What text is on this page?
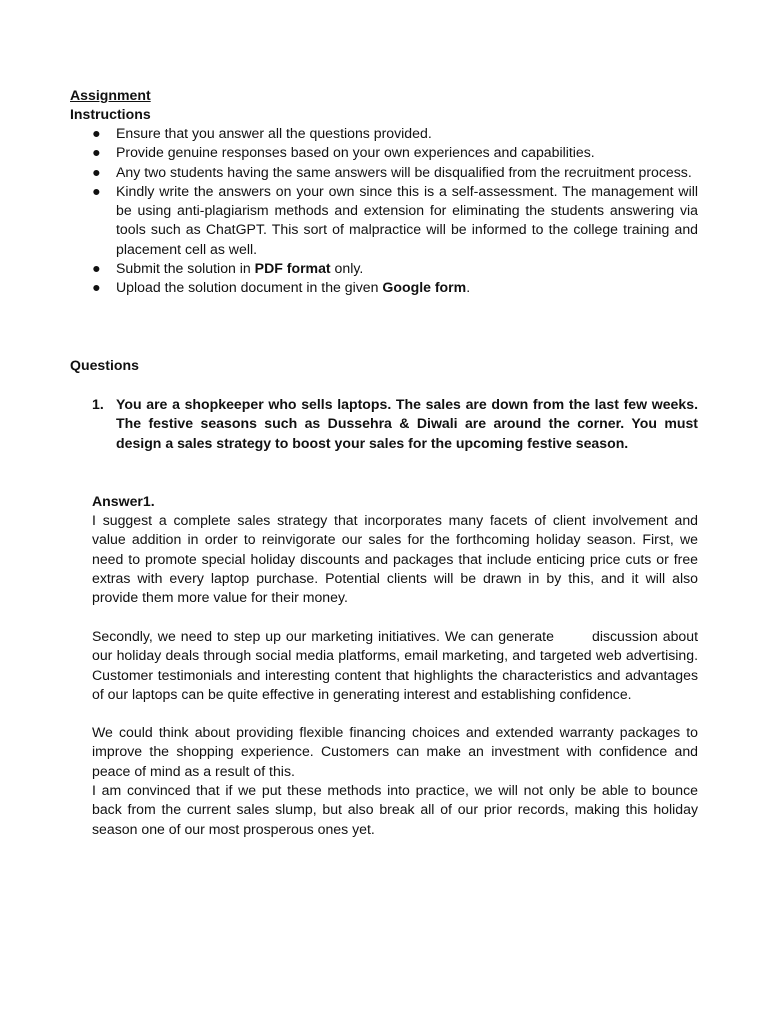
Assignment
Instructions
● Ensure that you answer all the questions provided.
● Provide genuine responses based on your own experiences and capabilities.
● Any two students having the same answers will be disqualified from the recruitment process.
● Kindly write the answers on your own since this is a self-assessment. The management will be using anti-plagiarism methods and extension for eliminating the students answering via tools such as ChatGPT. This sort of malpractice will be informed to the college training and placement cell as well.
● Submit the solution in PDF format only.
● Upload the solution document in the given Google form.
Questions
1. You are a shopkeeper who sells laptops. The sales are down from the last few weeks. The festive seasons such as Dussehra & Diwali are around the corner. You must design a sales strategy to boost your sales for the upcoming festive season.
Answer1.

I suggest a complete sales strategy that incorporates many facets of client involvement and value addition in order to reinvigorate our sales for the forthcoming holiday season. First, we need to promote special holiday discounts and packages that include enticing price cuts or free extras with every laptop purchase. Potential clients will be drawn in by this, and it will also provide them more value for their money.

Secondly, we need to step up our marketing initiatives. We can generate    discussion about our holiday deals through social media platforms, email marketing, and targeted web advertising. Customer testimonials and interesting content that highlights the characteristics and advantages of our laptops can be quite effective in generating interest and establishing confidence.

We could think about providing flexible financing choices and extended warranty packages to improve the shopping experience. Customers can make an investment with confidence and peace of mind as a result of this.

I am convinced that if we put these methods into practice, we will not only be able to bounce back from the current sales slump, but also break all of our prior records, making this holiday season one of our most prosperous ones yet.
